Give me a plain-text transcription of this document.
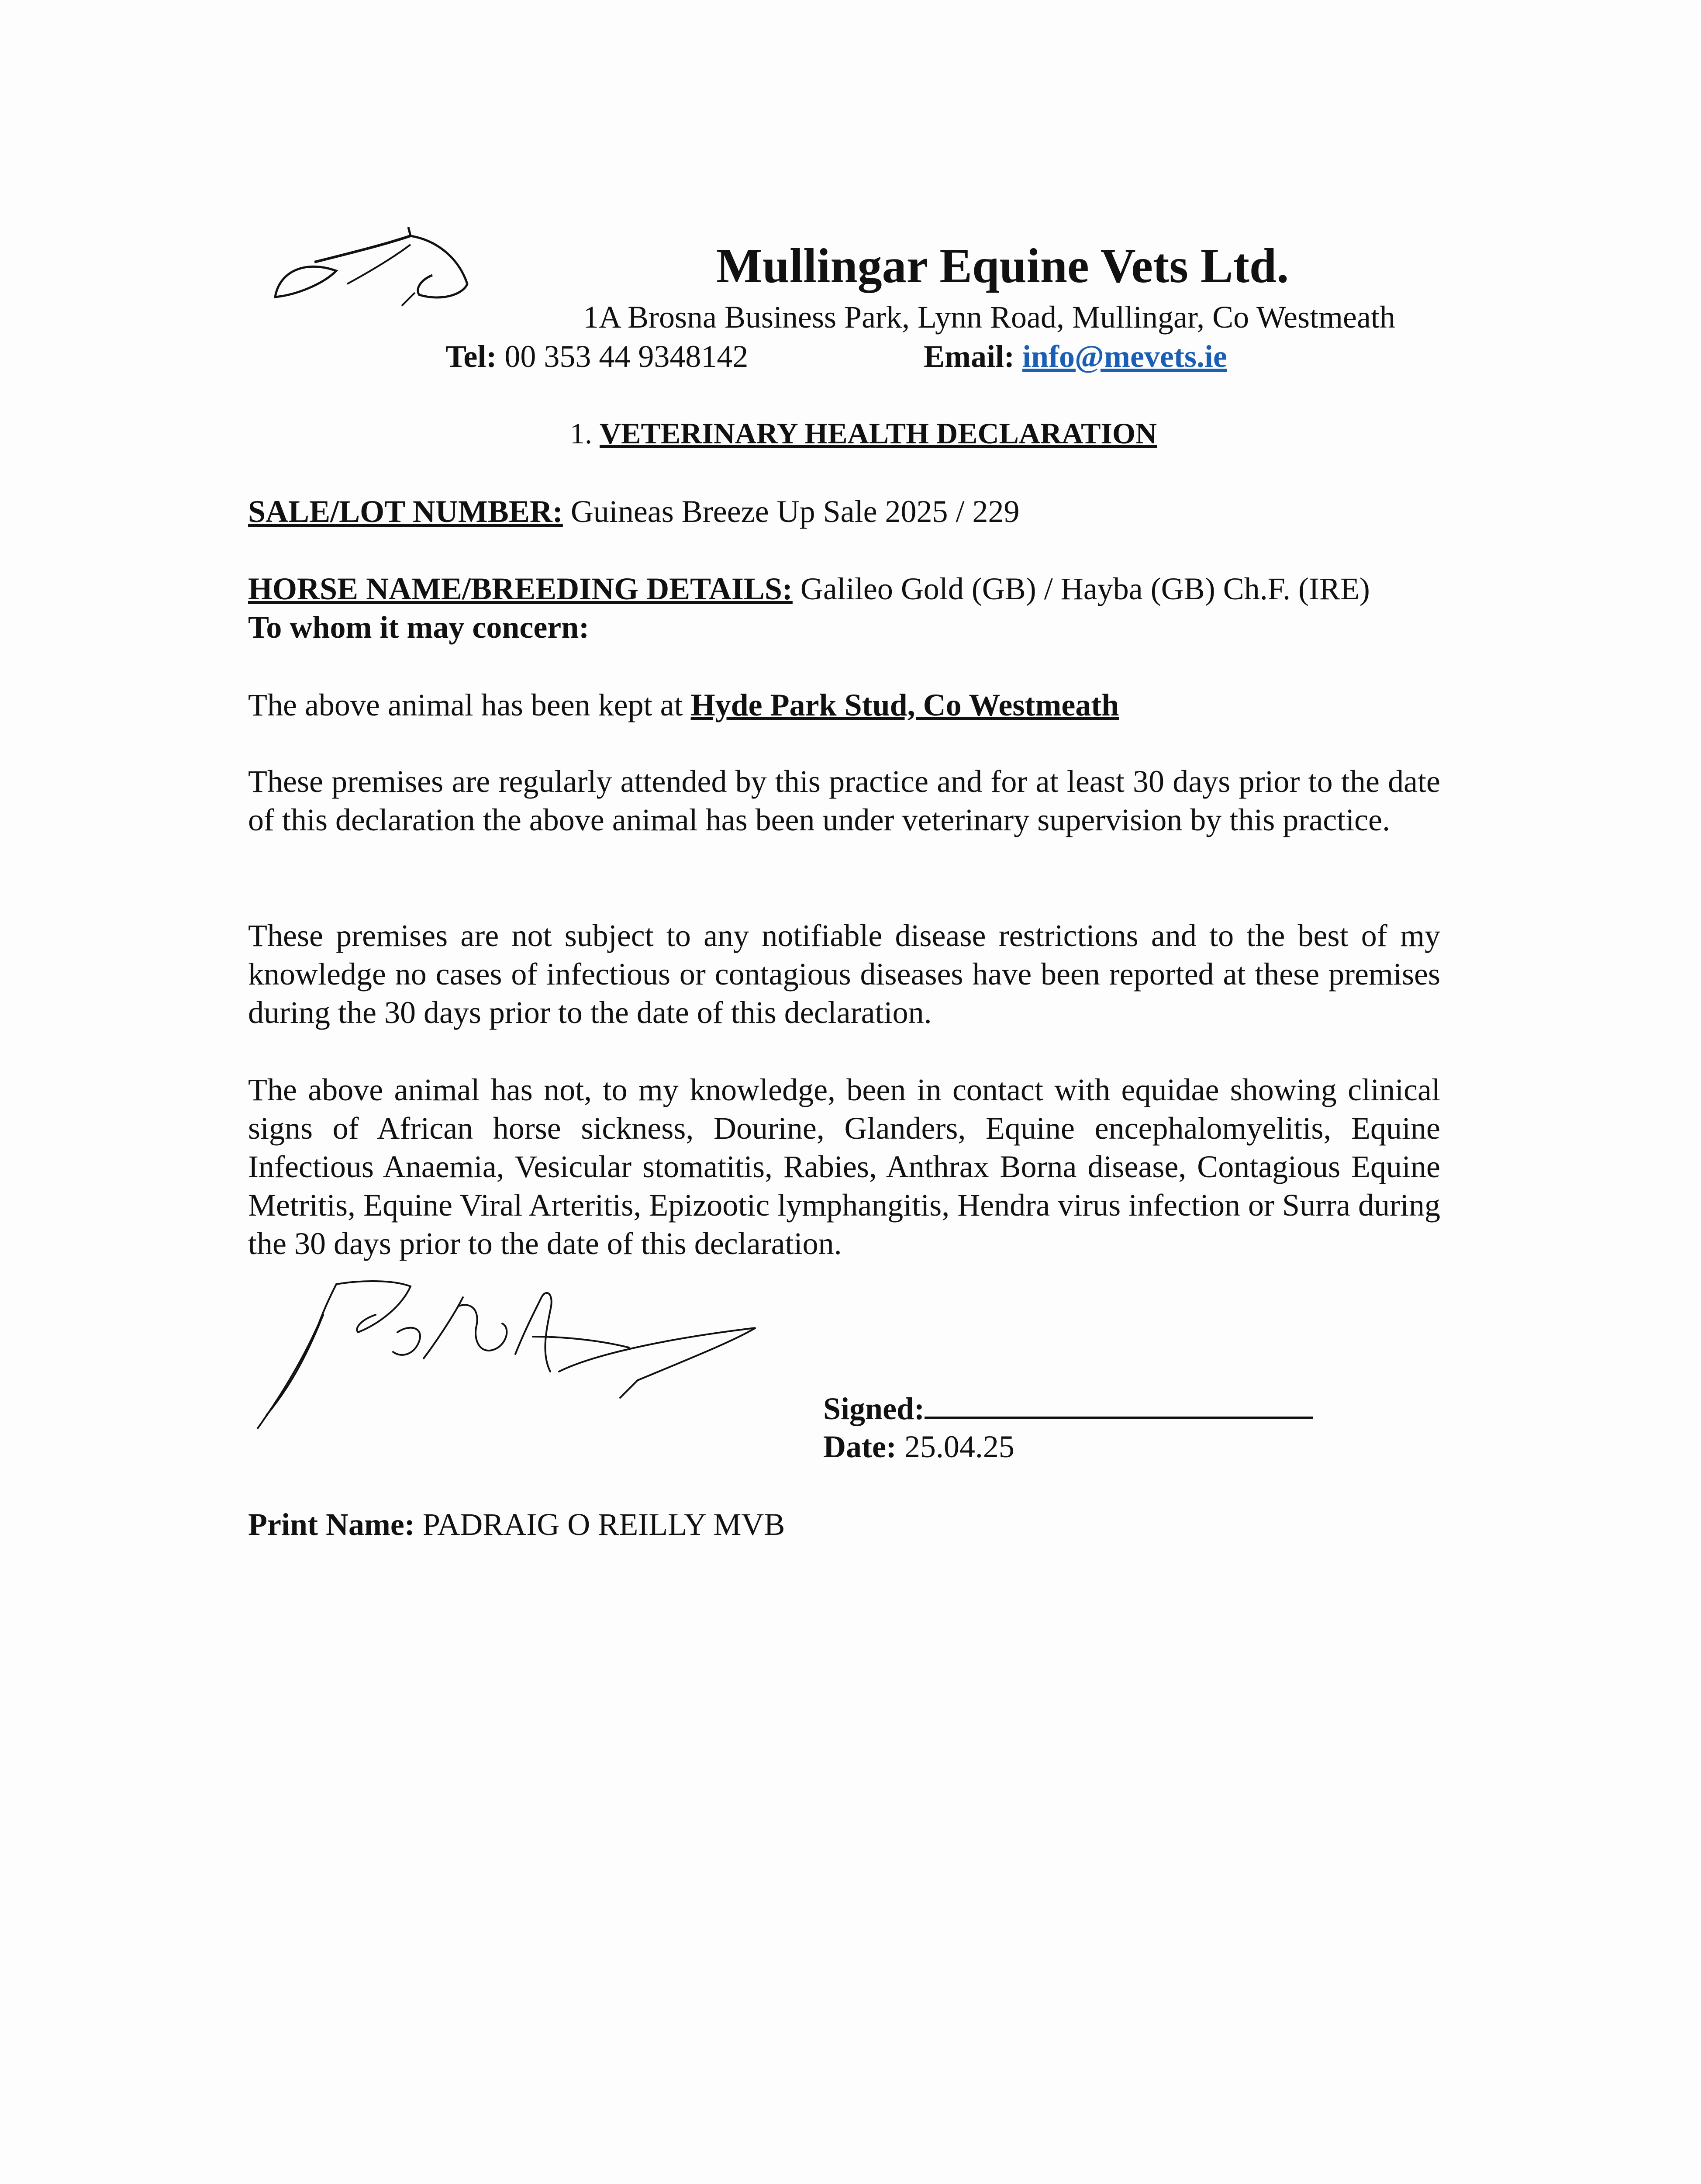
Mullingar Equine Vets Ltd.
1A Brosna Business Park, Lynn Road, Mullingar, Co Westmeath
Tel: 00 353 44 9348142	Email: info@mevets.ie
1. VETERINARY HEALTH DECLARATION
SALE/LOT NUMBER: Guineas Breeze Up Sale 2025 / 229
HORSE NAME/BREEDING DETAILS: Galileo Gold (GB) / Hayba (GB) Ch.F. (IRE)
To whom it may concern:
The above animal has been kept at Hyde Park Stud, Co Westmeath
These premises are regularly attended by this practice and for at least 30 days prior to the date of this declaration the above animal has been under veterinary supervision by this practice.
These premises are not subject to any notifiable disease restrictions and to the best of my knowledge no cases of infectious or contagious diseases have been reported at these premises during the 30 days prior to the date of this declaration.
The above animal has not, to my knowledge, been in contact with equidae showing clinical signs of African horse sickness, Dourine, Glanders, Equine encephalomyelitis, Equine Infectious Anaemia, Vesicular stomatitis, Rabies, Anthrax Borna disease, Contagious Equine Metritis, Equine Viral Arteritis, Epizootic lymphangitis, Hendra virus infection or Surra during the 30 days prior to the date of this declaration.
Signed:
Date: 25.04.25
Print Name: PADRAIG O REILLY MVB
